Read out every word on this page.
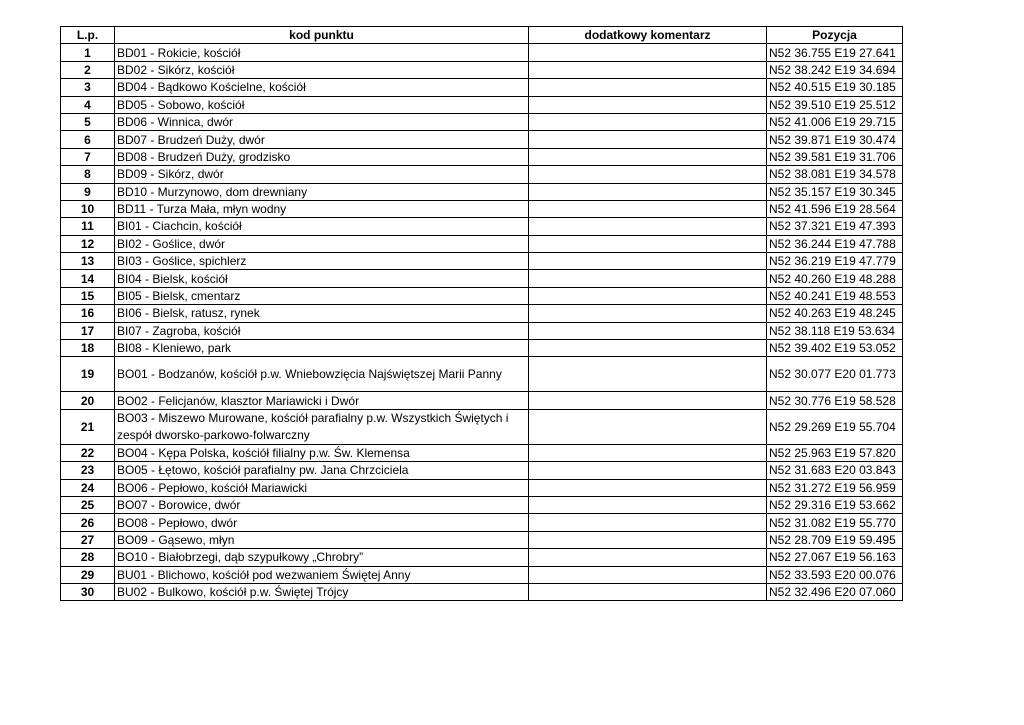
L.p.	kod punktu	dodatkowy komentarz	Pozycja
1	BD01 - Rokicie, kościół		N52 36.755 E19 27.641
2	BD02 - Sikórz, kościół		N52 38.242 E19 34.694
3	BD04 - Bądkowo Kościelne, kościół		N52 40.515 E19 30.185
4	BD05 - Sobowo, kościół		N52 39.510 E19 25.512
5	BD06 - Winnica, dwór		N52 41.006 E19 29.715
6	BD07 - Brudzeń Duży, dwór		N52 39.871 E19 30.474
7	BD08 - Brudzeń Duży, grodzisko		N52 39.581 E19 31.706
8	BD09 - Sikórz, dwór		N52 38.081 E19 34.578
9	BD10 - Murzynowo, dom drewniany		N52 35.157 E19 30.345
10	BD11 - Turza Mała, młyn wodny		N52 41.596 E19 28.564
11	BI01 - Ciachcin, kościół		N52 37.321 E19 47.393
12	BI02 - Goślice, dwór		N52 36.244 E19 47.788
13	BI03 - Goślice, spichlerz		N52 36.219 E19 47.779
14	BI04 - Bielsk, kościół		N52 40.260 E19 48.288
15	BI05 - Bielsk, cmentarz		N52 40.241 E19 48.553
16	BI06 - Bielsk, ratusz, rynek		N52 40.263 E19 48.245
17	BI07 - Zagroba, kościół		N52 38.118 E19 53.634
18	BI08 - Kleniewo, park		N52 39.402 E19 53.052
19	BO01 - Bodzanów, kościół p.w. Wniebowzięcia Najświętszej Marii Panny		N52 30.077 E20 01.773
20	BO02 - Felicjanów, klasztor Mariawicki i Dwór		N52 30.776 E19 58.528
21	BO03 - Miszewo Murowane, kościół parafialny p.w. Wszystkich Świętych i zespół dworsko-parkowo-folwarczny		N52 29.269 E19 55.704
22	BO04 - Kępa Polska, kościół filialny p.w. Św. Klemensa		N52 25.963 E19 57.820
23	BO05 - Łętowo, kościół parafialny pw. Jana Chrzciciela		N52 31.683 E20 03.843
24	BO06 - Pepłowo, kościół Mariawicki		N52 31.272 E19 56.959
25	BO07 - Borowice, dwór		N52 29.316 E19 53.662
26	BO08 - Pepłowo, dwór		N52 31.082 E19 55.770
27	BO09 - Gąsewo, młyn		N52 28.709 E19 59.495
28	BO10 - Białobrzegi, dąb szypułkowy „Chrobry”		N52 27.067 E19 56.163
29	BU01 - Blichowo, kościół pod wezwaniem Świętej Anny		N52 33.593 E20 00.076
30	BU02 - Bulkowo, kościół p.w. Świętej Trójcy		N52 32.496 E20 07.060
